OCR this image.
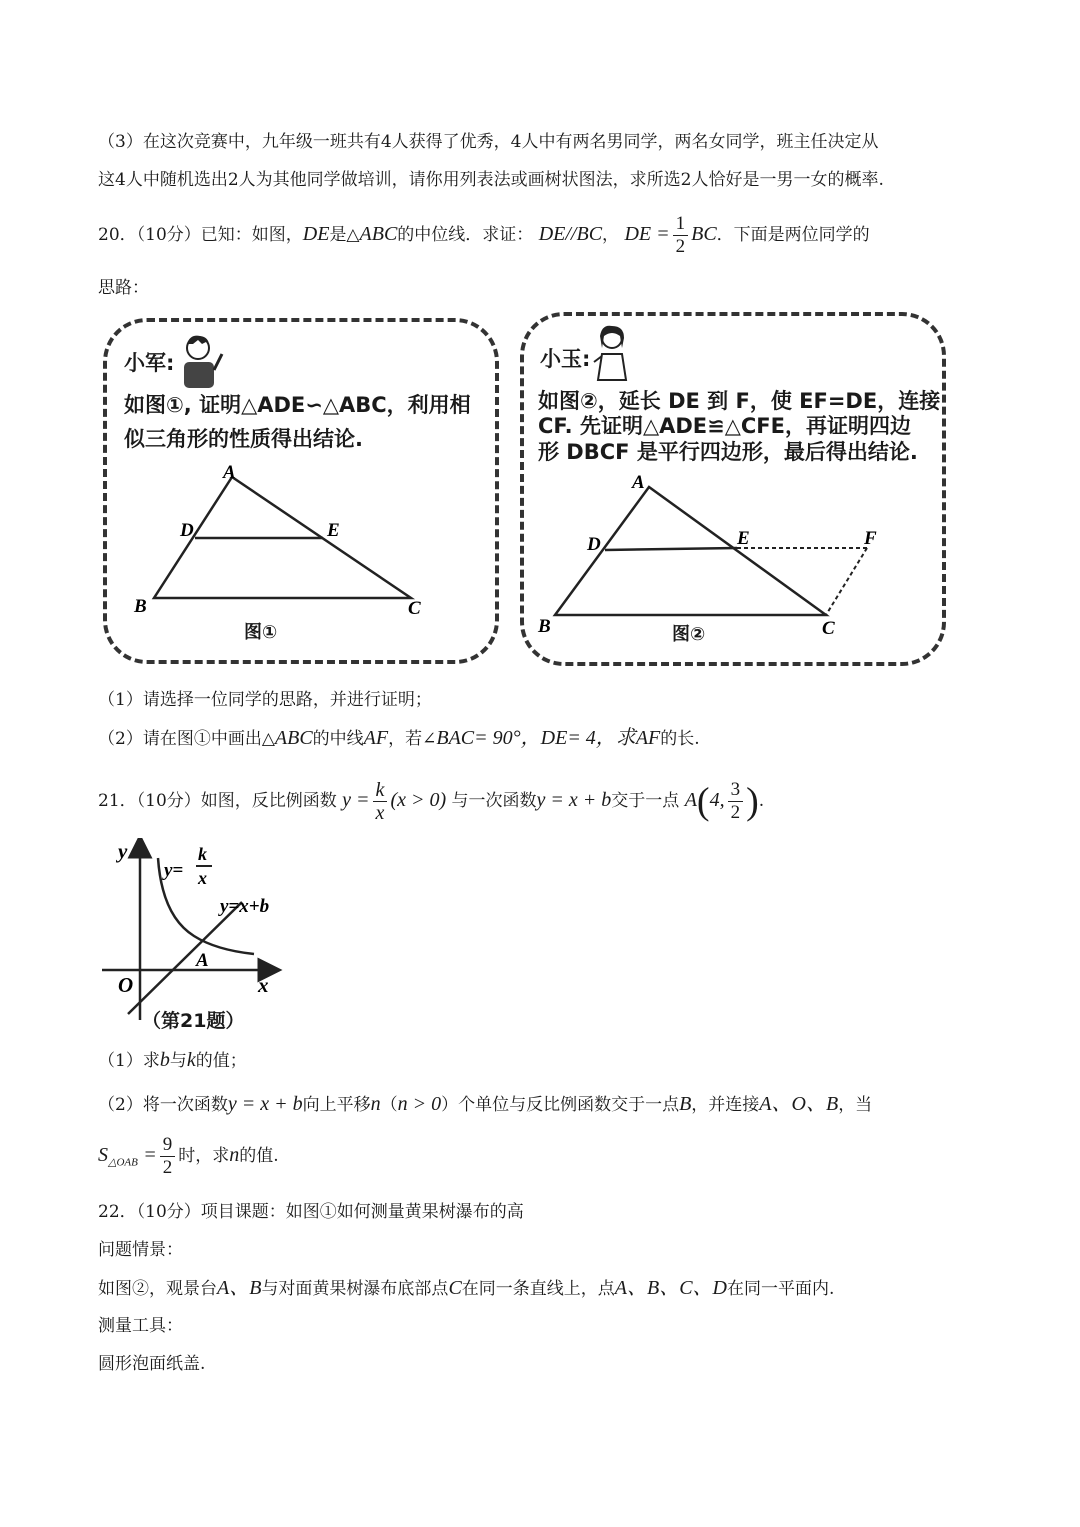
（3）在这次竞赛中，九年级一班共有4人获得了优秀，4人中有两名男同学，两名女同学，班主任决定从
这4人中随机选出2人为其他同学做培训，请你用列表法或画树状图法，求所选2人恰好是一男一女的概率.
20．（10分）已知：如图，DE是△ABC的中位线．求证： DE//BC， DE = $\frac{1}{2}$ BC．下面是两位同学的
思路：
小军:
如图①, 证明△ADE∽△ABC，利用相
似三角形的性质得出结论.
A
D	E
B	C
图①
小玉:
如图②，延长 DE 到 F，使 EF=DE，连接
CF. 先证明△ADE≌△CFE，再证明四边
形 DBCF 是平行四边形，最后得出结论.
A
D	E	F
B	C
图②
（1）请选择一位同学的思路，并进行证明；
（2）请在图①中画出△ABC的中线AF，若∠BAC= 90°，DE= 4，求AF的长.
21．（10分）如图，反比例函数 $y = \frac{k}{x} (x > 0)$ 与一次函数y = x + b交于一点 A(4, $\frac{3}{2}$ ).
y
x
O
y=
k
x
y=x+b
A
（第21题）
（1）求b与k的值；
（2）将一次函数y = x + b向上平移n（n > 0）个单位与反比例函数交于一点B，并连接A、O、B，当
$S_{\triangle OAB} = \frac{9}{2}$ 时，求n的值.
22．（10分）项目课题：如图①如何测量黄果树瀑布的高
问题情景：
如图②，观景台A、B与对面黄果树瀑布底部点C在同一条直线上，点A、B、C、D在同一平面内.
测量工具：
圆形泡面纸盖.
